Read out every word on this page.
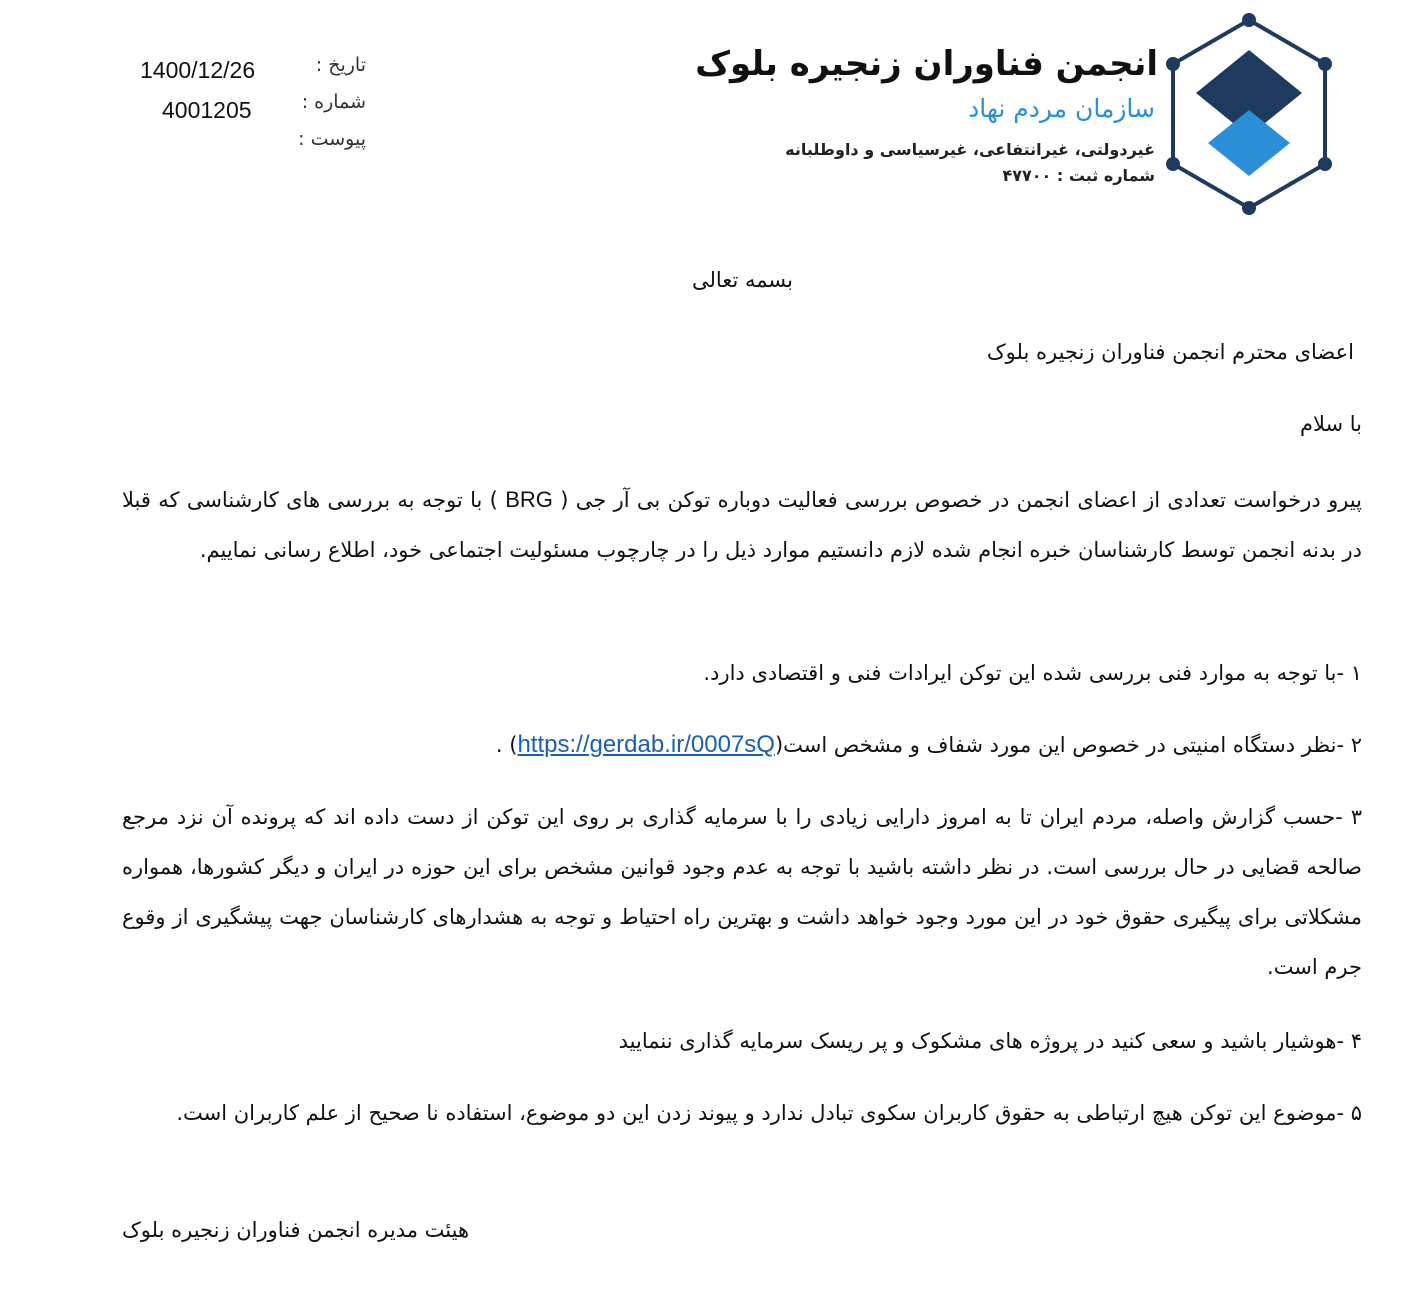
انجمن فناوران زنجیره بلوک
سازمان مردم نهاد
غیردولتی، غیرانتفاعی، غیرسیاسی و داوطلبانه
شماره ثبت : ۴۷۷۰۰
تاریخ :
1400/12/26
شماره :
4001205
پیوست :
بسمه تعالی
اعضای محترم انجمن فناوران زنجیره بلوک
با سلام
پیرو درخواست تعدادی از اعضای انجمن در خصوص بررسی فعالیت دوباره توکن بی آر جی ( BRG ) با توجه به بررسی های کارشناسی که قبلا در بدنه انجمن توسط کارشناسان خبره انجام شده لازم دانستیم موارد ذیل را در چارچوب مسئولیت اجتماعی خود، اطلاع رسانی نماییم.
۱ -با توجه به موارد فنی بررسی شده این توکن ایرادات فنی و اقتصادی دارد.
۲ -نظر دستگاه امنیتی در خصوص این مورد شفاف و مشخص است(https://gerdab.ir/0007sQ) .
۳ -حسب گزارش واصله، مردم ایران تا به امروز دارایی زیادی را با سرمایه گذاری بر روی این توکن از دست داده اند که پرونده آن نزد مرجع صالحه قضایی در حال بررسی است. در نظر داشته باشید با توجه به عدم وجود قوانین مشخص برای این حوزه در ایران و دیگر کشورها، همواره مشکلاتی برای پیگیری حقوق خود در این مورد وجود خواهد داشت و بهترین راه احتیاط و توجه به هشدارهای کارشناسان جهت پیشگیری از وقوع جرم است.
۴ -هوشیار باشید و سعی کنید در پروژه های مشکوک و پر ریسک سرمایه گذاری ننمایید
۵ -موضوع این توکن هیچ ارتباطی به حقوق کاربران سکوی تبادل ندارد و پیوند زدن این دو موضوع، استفاده نا صحیح از علم کاربران است.
هیئت مدیره انجمن فناوران زنجیره بلوک
